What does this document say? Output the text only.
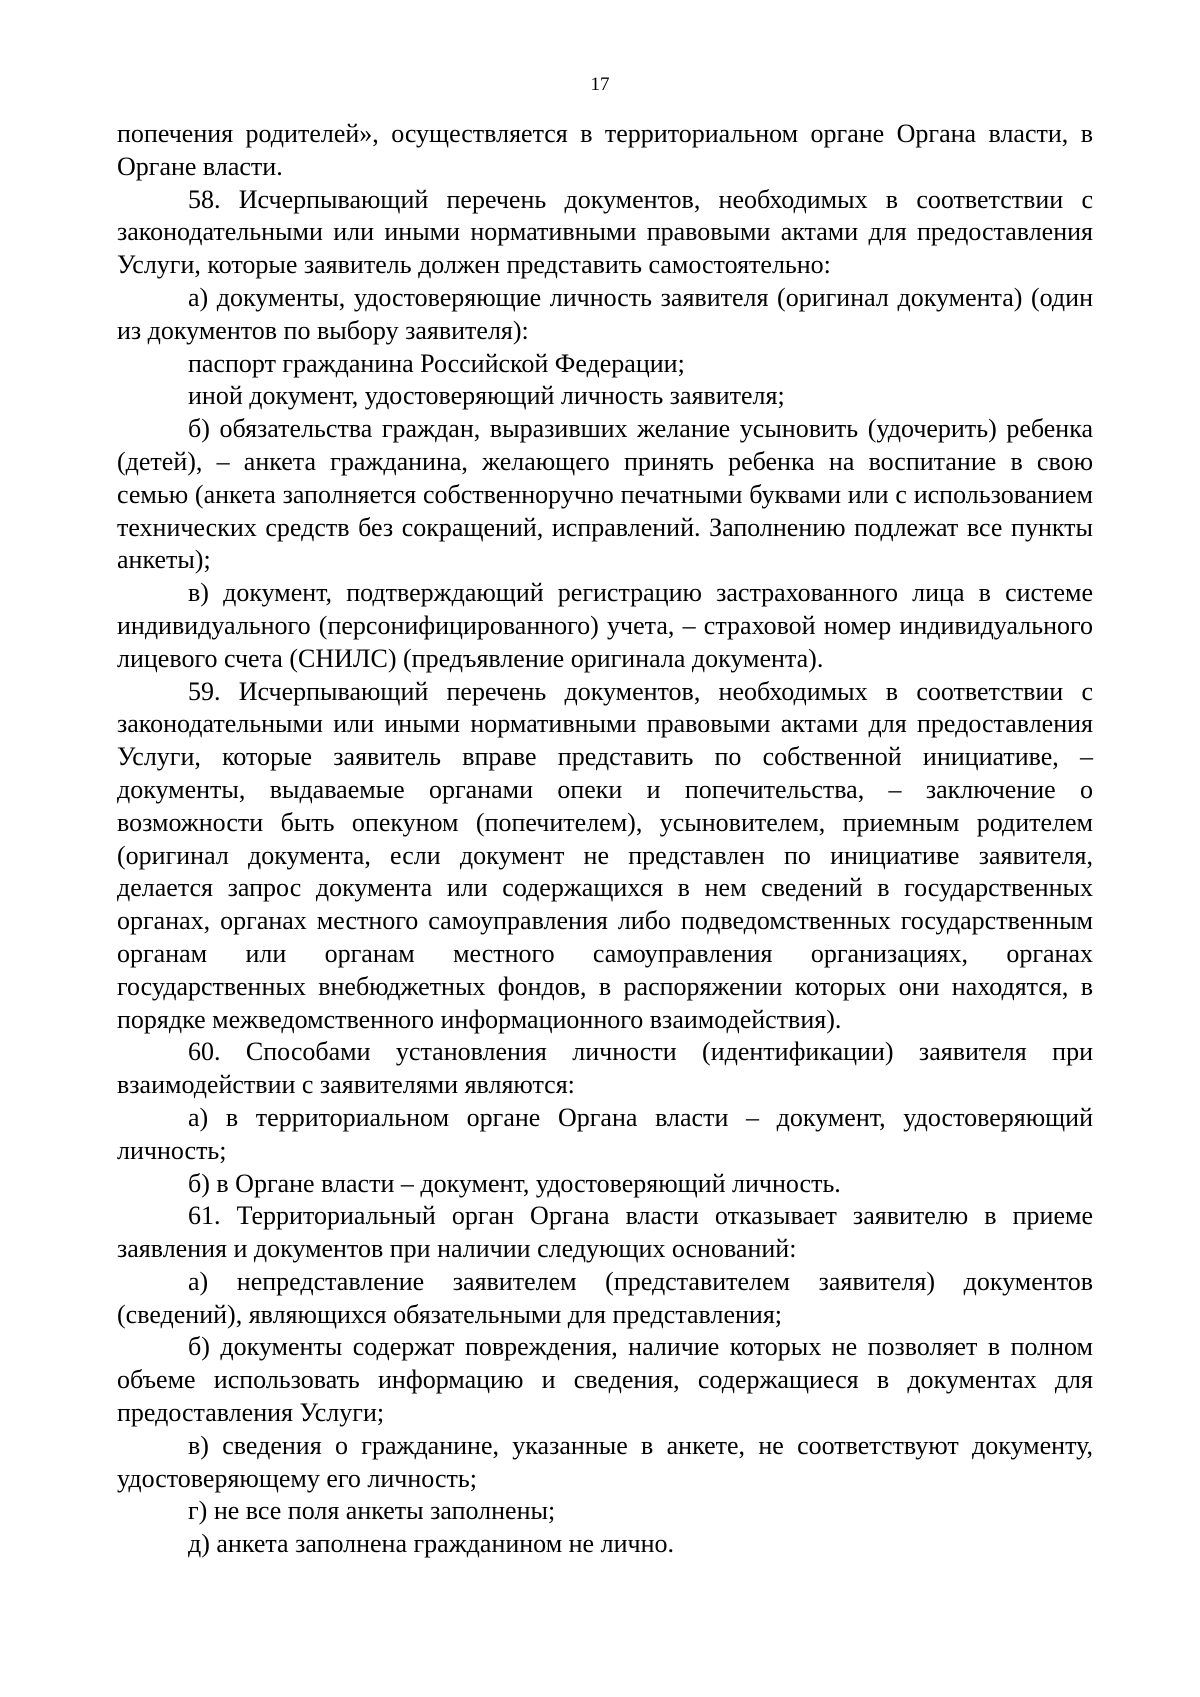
17

попечения родителей», осуществляется в территориальном органе Органа власти, в Органе власти.

58. Исчерпывающий перечень документов, необходимых в соответствии с законодательными или иными нормативными правовыми актами для предоставления Услуги, которые заявитель должен представить самостоятельно:

а) документы, удостоверяющие личность заявителя (оригинал документа) (один из документов по выбору заявителя):

паспорт гражданина Российской Федерации;

иной документ, удостоверяющий личность заявителя;

б) обязательства граждан, выразивших желание усыновить (удочерить) ребенка (детей), – анкета гражданина, желающего принять ребенка на воспитание в свою семью (анкета заполняется собственноручно печатными буквами или с использованием технических средств без сокращений, исправлений. Заполнению подлежат все пункты анкеты);

в) документ, подтверждающий регистрацию застрахованного лица в системе индивидуального (персонифицированного) учета, – страховой номер индивидуального лицевого счета (СНИЛС) (предъявление оригинала документа).

59. Исчерпывающий перечень документов, необходимых в соответствии с законодательными или иными нормативными правовыми актами для предоставления Услуги, которые заявитель вправе представить по собственной инициативе, – документы, выдаваемые органами опеки и попечительства, – заключение о возможности быть опекуном (попечителем), усыновителем, приемным родителем (оригинал документа, если документ не представлен по инициативе заявителя, делается запрос документа или содержащихся в нем сведений в государственных органах, органах местного самоуправления либо подведомственных государственным органам или органам местного самоуправления организациях, органах государственных внебюджетных фондов, в распоряжении которых они находятся, в порядке межведомственного информационного взаимодействия).

60. Способами установления личности (идентификации) заявителя при взаимодействии с заявителями являются:

а) в территориальном органе Органа власти – документ, удостоверяющий личность;

б) в Органе власти – документ, удостоверяющий личность.

61. Территориальный орган Органа власти отказывает заявителю в приеме заявления и документов при наличии следующих оснований:

а) непредставление заявителем (представителем заявителя) документов (сведений), являющихся обязательными для представления;

б) документы содержат повреждения, наличие которых не позволяет в полном объеме использовать информацию и сведения, содержащиеся в документах для предоставления Услуги;

в) сведения о гражданине, указанные в анкете, не соответствуют документу, удостоверяющему его личность;

г) не все поля анкеты заполнены;

д) анкета заполнена гражданином не лично.
